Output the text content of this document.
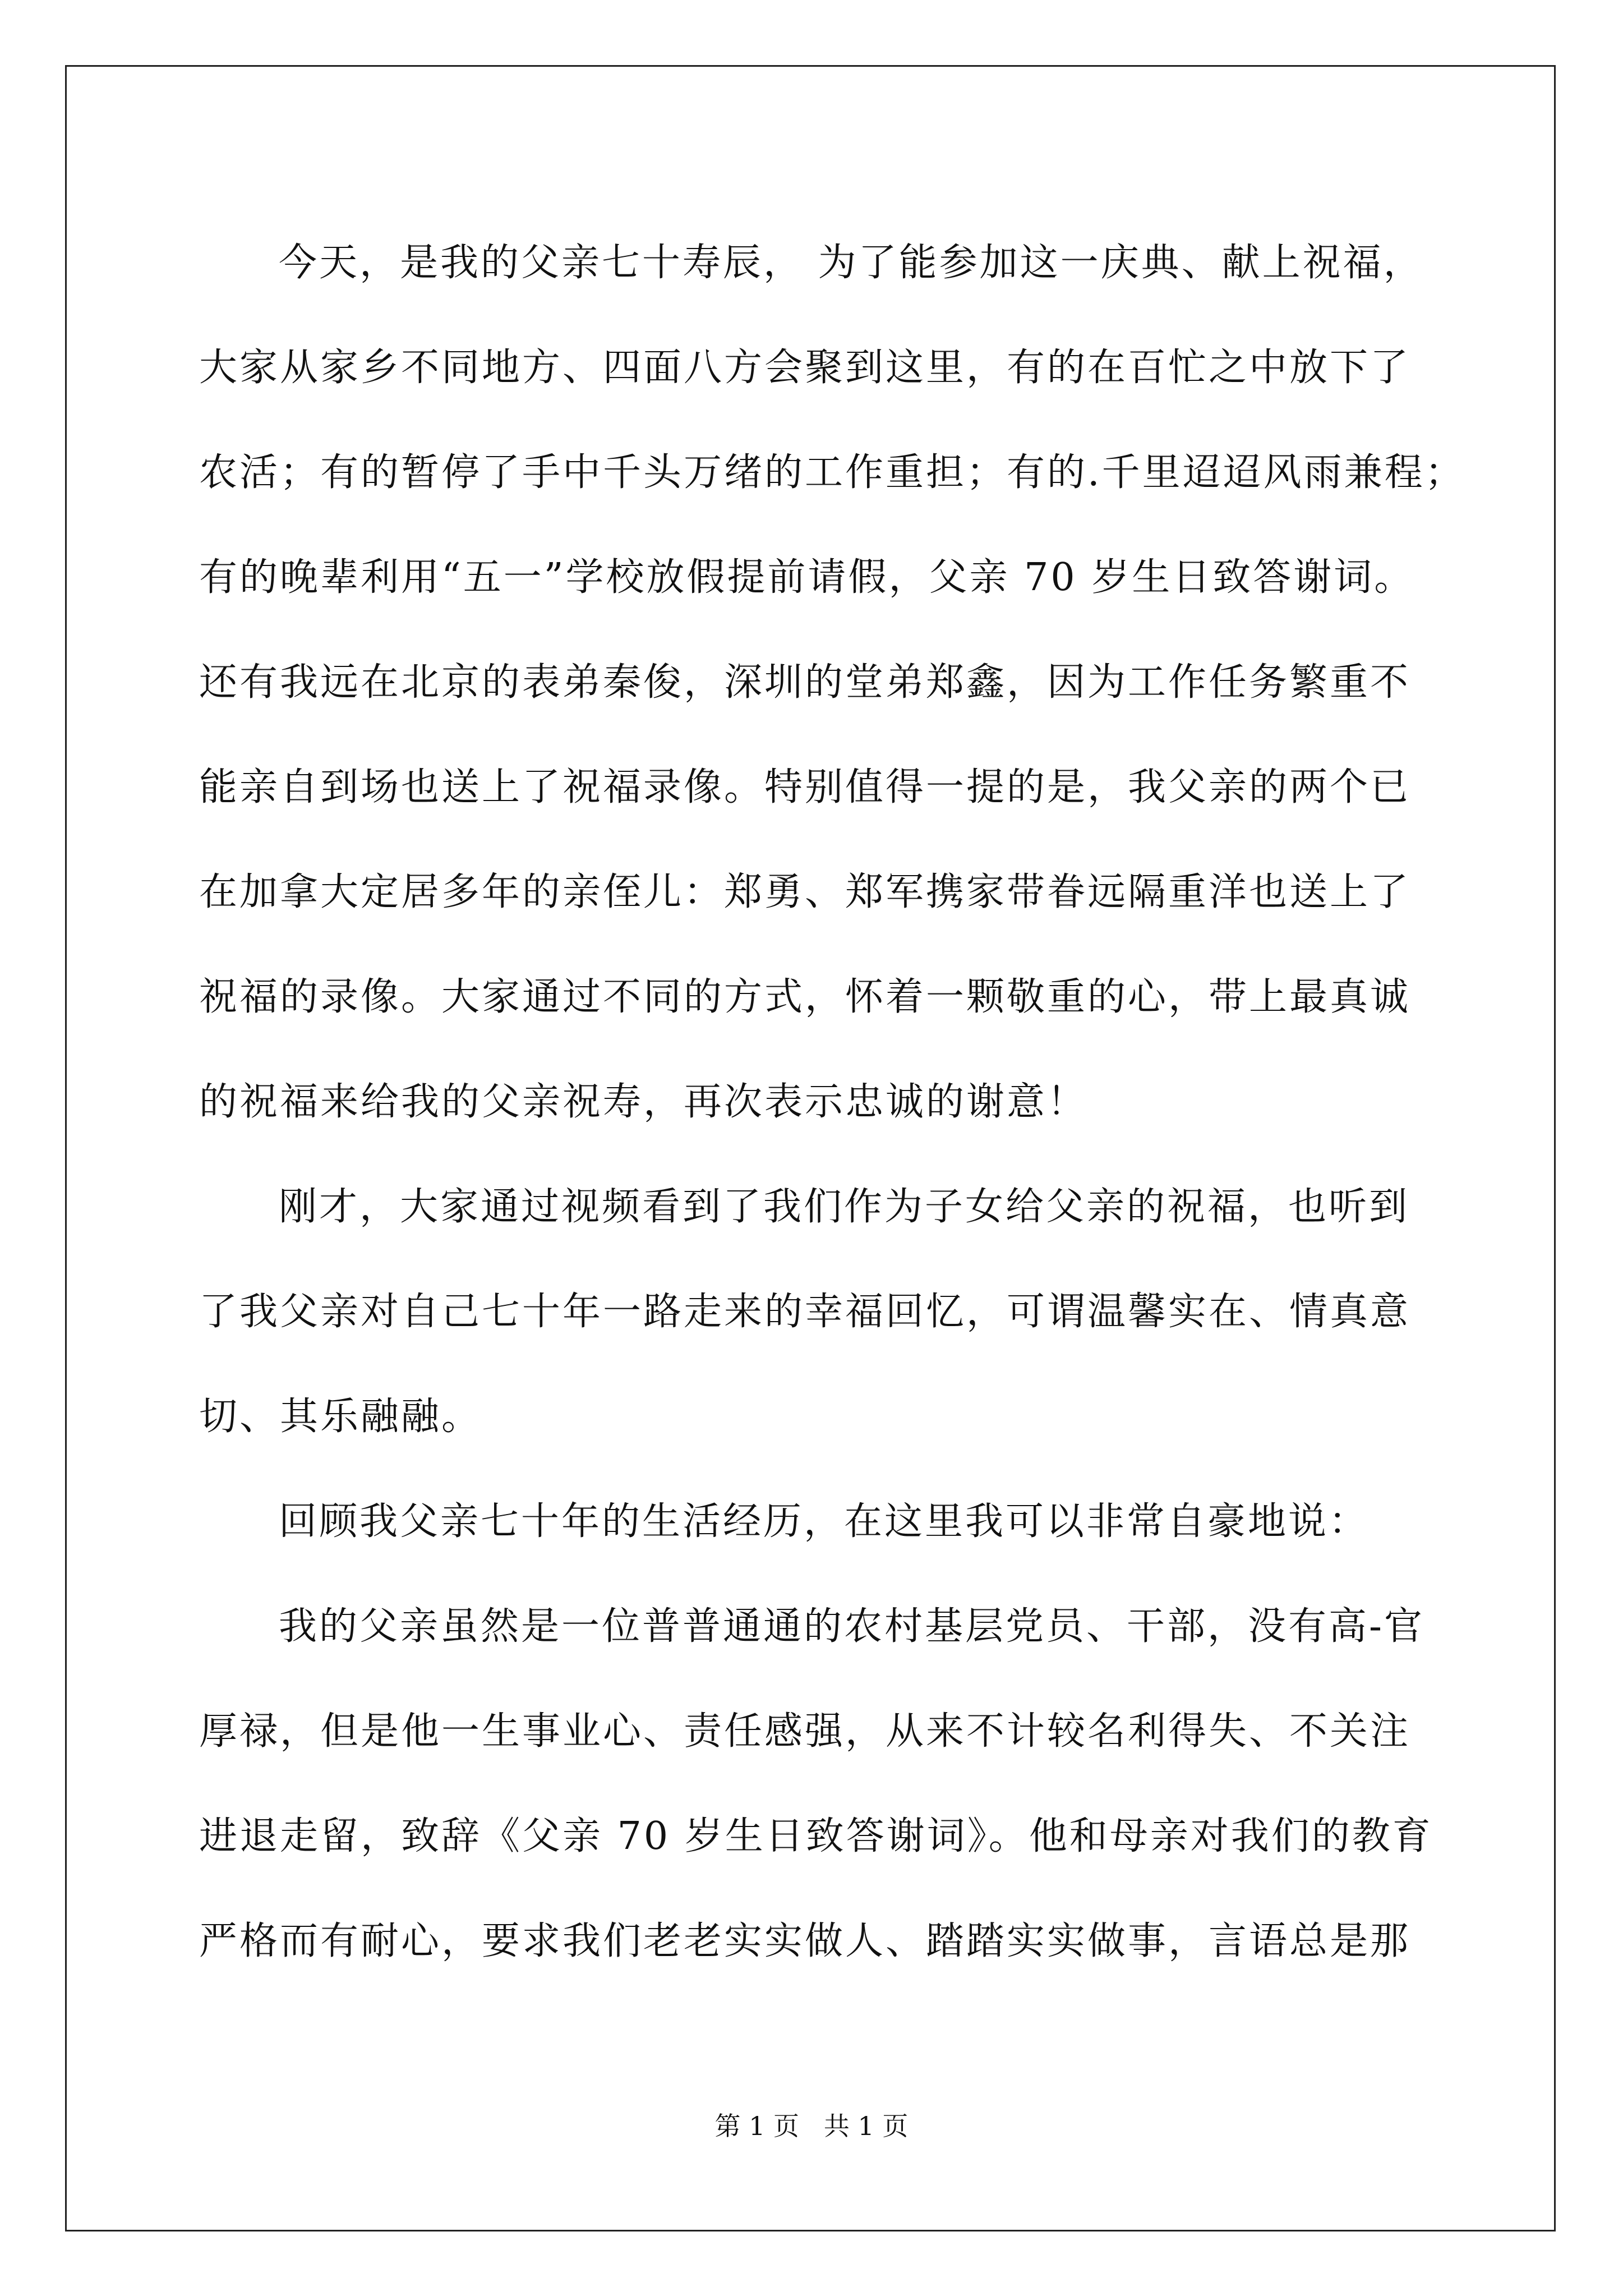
今天，是我的父亲七十寿辰， 为了能参加这一庆典、献上祝福，
大家从家乡不同地方、四面八方会聚到这里，有的在百忙之中放下了
农活；有的暂停了手中千头万绪的工作重担；有的.千里迢迢风雨兼程；
有的晚辈利用“五一”学校放假提前请假，父亲 70 岁生日致答谢词。
还有我远在北京的表弟秦俊，深圳的堂弟郑鑫，因为工作任务繁重不
能亲自到场也送上了祝福录像。特别值得一提的是，我父亲的两个已
在加拿大定居多年的亲侄儿：郑勇、郑军携家带眷远隔重洋也送上了
祝福的录像。大家通过不同的方式，怀着一颗敬重的心，带上最真诚
的祝福来给我的父亲祝寿，再次表示忠诚的谢意！
刚才，大家通过视频看到了我们作为子女给父亲的祝福，也听到
了我父亲对自己七十年一路走来的幸福回忆，可谓温馨实在、情真意
切、其乐融融。
回顾我父亲七十年的生活经历，在这里我可以非常自豪地说：
我的父亲虽然是一位普普通通的农村基层党员、干部，没有高-官
厚禄，但是他一生事业心、责任感强，从来不计较名利得失、不关注
进退走留，致辞《父亲 70 岁生日致答谢词》。他和母亲对我们的教育
严格而有耐心，要求我们老老实实做人、踏踏实实做事，言语总是那
第 1 页   共 1 页
